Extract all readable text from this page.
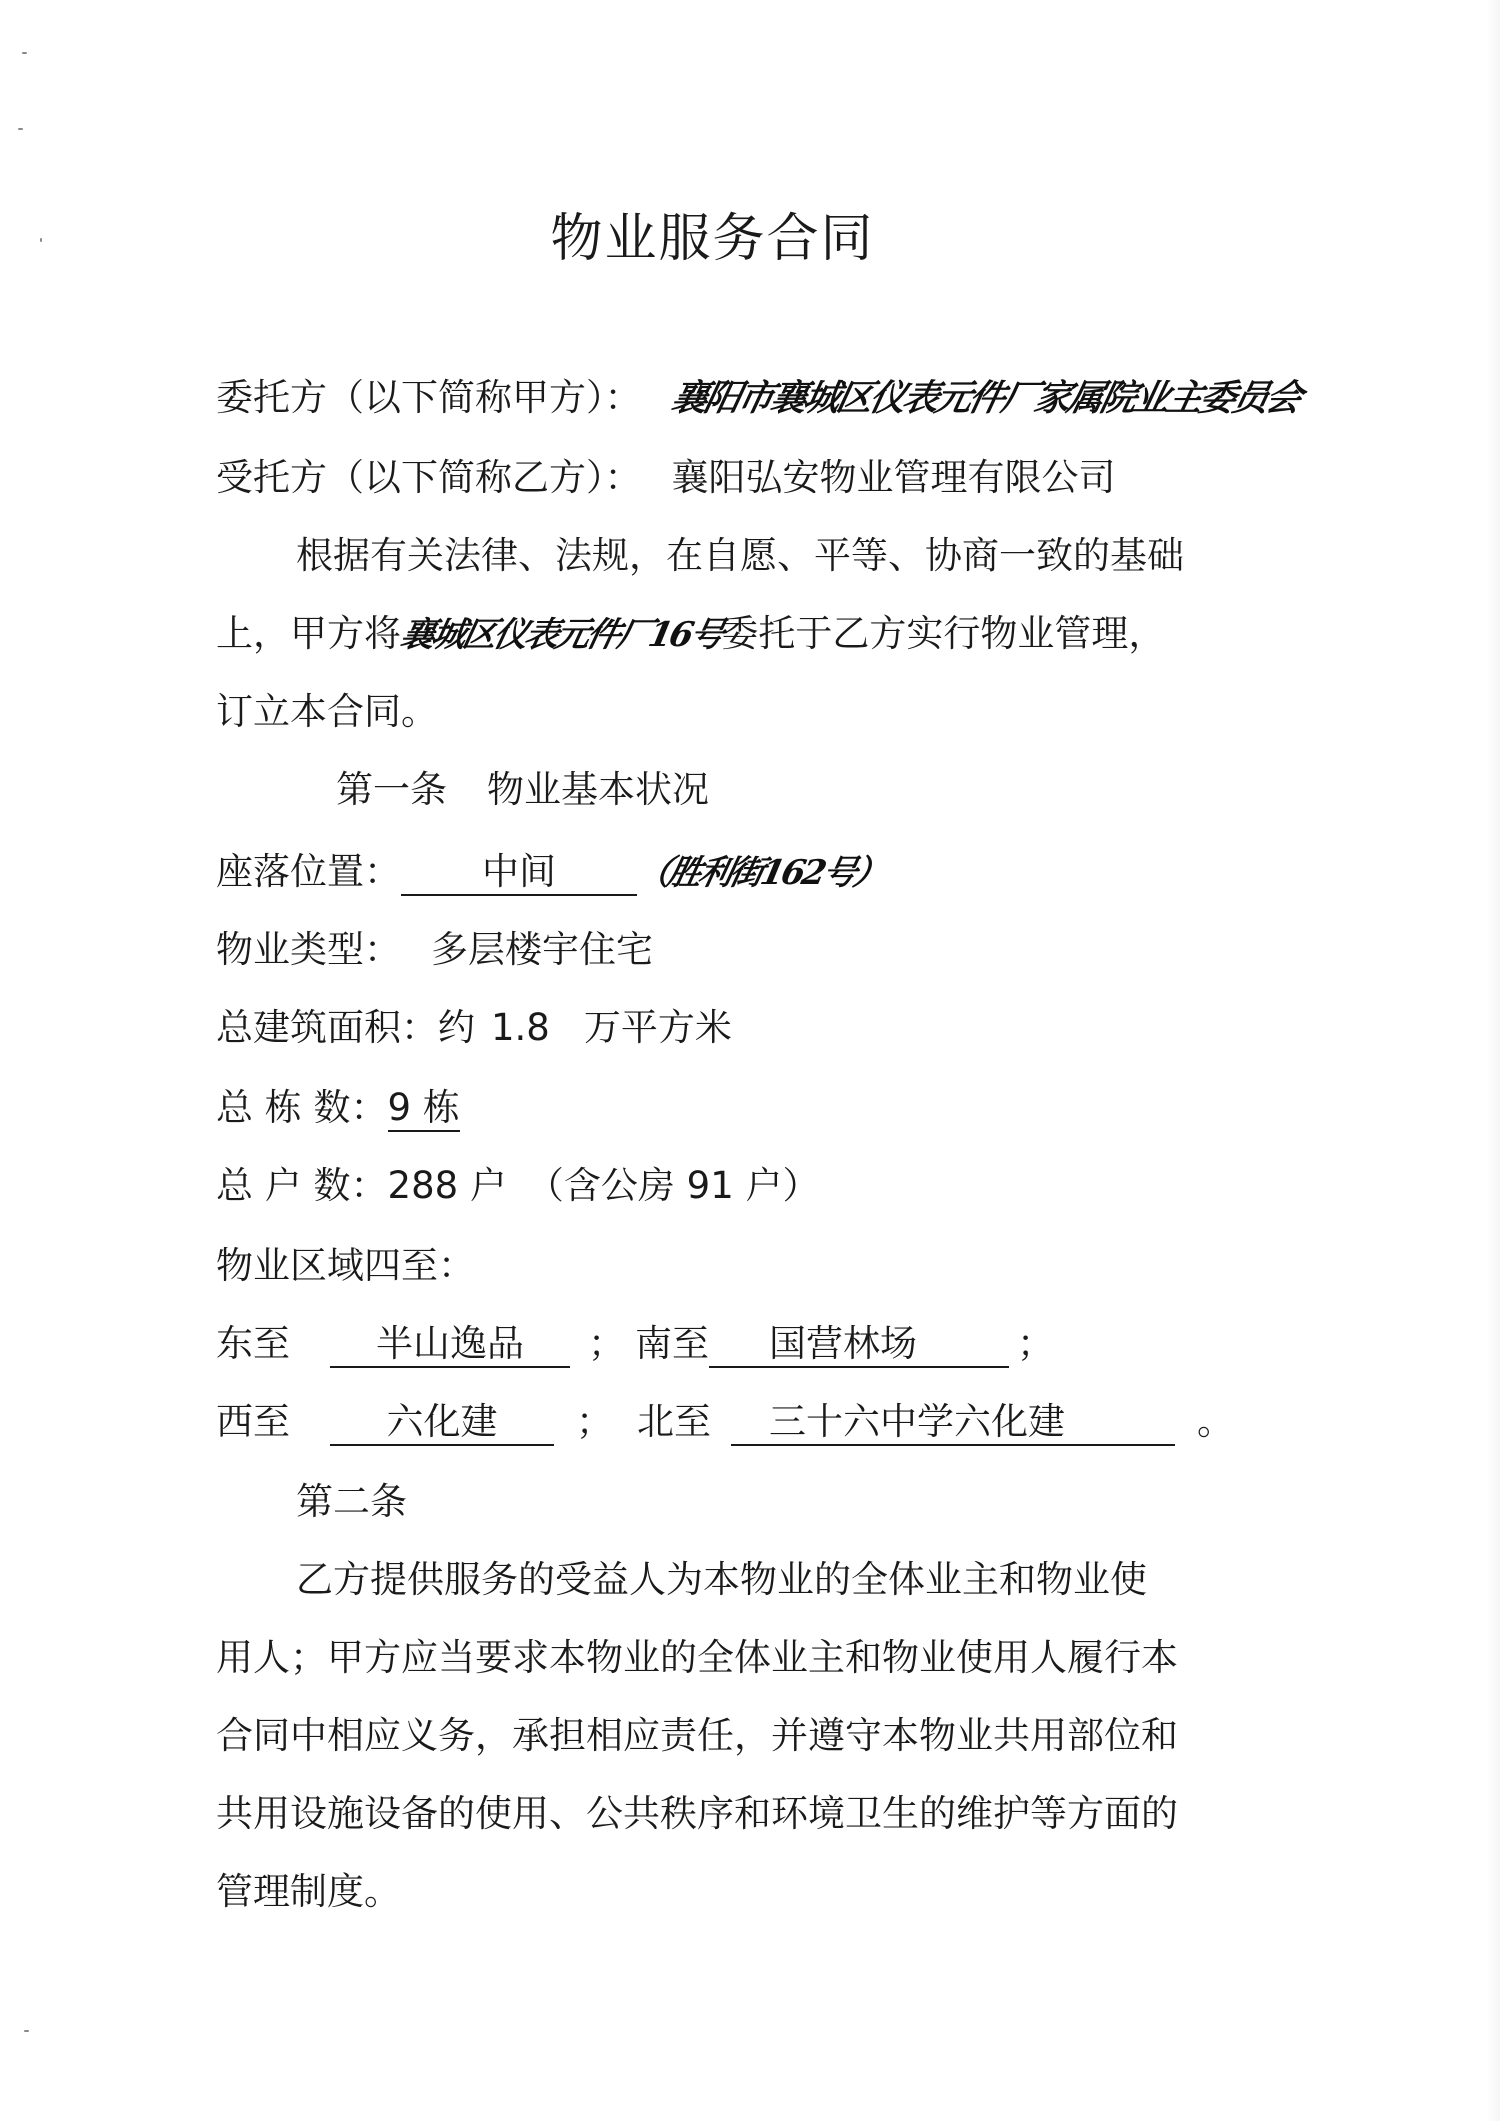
物业服务合同
委托方（以下简称甲方）： 襄阳市襄城区仪表元件厂家属院业主委员会
受托方（以下简称乙方）： 襄阳弘安物业管理有限公司
根据有关法律、法规，在自愿、平等、协商一致的基础
上，甲方将襄城区仪表元件厂16号委托于乙方实行物业管理，
订立本合同。
第一条 物业基本状况
座落位置： 中间 （胜利街162号）
物业类型： 多层楼宇住宅
总建筑面积：约 1.8 万平方米
总 栋 数：9 栋
总 户 数：288 户 （含公房 91 户）
物业区域四至：
东至 半山逸品 ； 南至 国营林场	；
西至	六化建 ； 北至 三十六中学六化建	。
第二条
乙方提供服务的受益人为本物业的全体业主和物业使
用人；甲方应当要求本物业的全体业主和物业使用人履行本
合同中相应义务，承担相应责任，并遵守本物业共用部位和
共用设施设备的使用、公共秩序和环境卫生的维护等方面的
管理制度。
